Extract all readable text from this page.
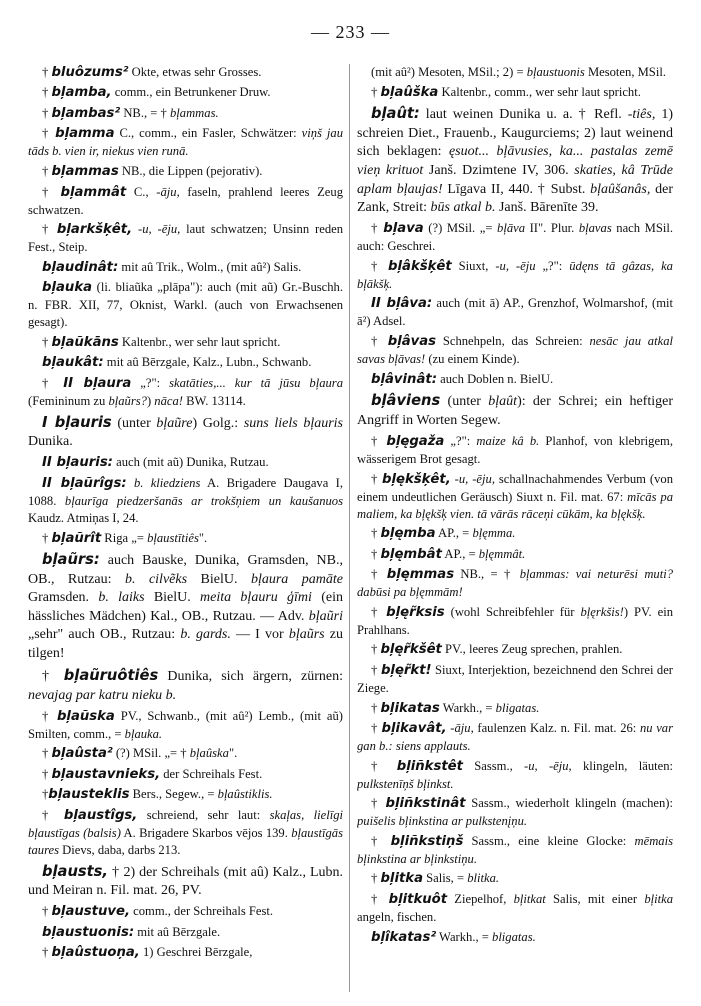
— 233 —

† bluôzums² Okte, etwas sehr Grosses.

† bļamba, comm., ein Betrunkener Druw.

† bļambas² NB., = † bļammas.

† bļamma C., comm., ein Fasler, Schwätzer: viņš jau tāds b. vien ir, niekus vien runā.

† bļammas NB., die Lippen (pejorativ).

† bļammât C., -āju, faseln, prahlend leeres Zeug schwatzen.

† bļarkšķêt, -u, -ēju, laut schwatzen; Unsinn reden Fest., Steip.

bļaudinât: mit aû Trik., Wolm., (mit aû²) Salis.

bļauka (li. bliaũka „plāpa"): auch (mit aũ) Gr.-Buschh. n. FBR. XII, 77, Oknist, Warkl. (auch von Erwachsenen gesagt).

† bļaũkāns Kaltenbr., wer sehr laut spricht.

bļaukât: mit aû Bērzgale, Kalz., Lubn., Schwanb.

† II bļaura „?": skatāties,... kur tā jūsu bļaura (Femininum zu bļaũrs?) nāca! BW. 13114.

I bļauris (unter bļaũre) Golg.: suns liels bļauris Dunika.

II bļauris: auch (mit aũ) Dunika, Rutzau.

II bļaũrîgs: b. kliedziens A. Brigadere Daugava I, 1088. bļaurīga piedzeršanās ar trokšņiem un kaušanuos Kaudz. Atmiņas I, 24.

† bļaũrît Riga „= bļaustītiês".

bļaũrs: auch Bauske, Dunika, Gramsden, NB., OB., Rutzau: b. cilvẽks BielU. bļaura pamāte Gramsden. b. laiks BielU. meita bļauru ģīmi (ein hässliches Mädchen) Kal., OB., Rutzau. — Adv. bļaũri „sehr" auch OB., Rutzau: b. gards. — I vor bļaũrs zu tilgen!

† bļaũruôtiês Dunika, sich ärgern, zürnen: nevajag par katru nieku b.

† bļaũska PV., Schwanb., (mit aû²) Lemb., (mit aũ) Smilten, comm., = bļauka.

† bļaûsta² (?) MSil. „= † bļaûska".

† bļaustavnieks, der Schreihals Fest.

†bļausteklis Bers., Segew., = bļaûstiklis.

† bļaustîgs, schreiend, sehr laut: skaļas, lielīgi bļaustīgas (balsis) A. Brigadere Skarbos vējos 139. bļaustīgās taures Dievs, daba, darbs 213.

bļausts, † 2) der Schreihals (mit aû) Kalz., Lubn. und Meiran n. Fil. mat. 26, PV.

† bļaustuve, comm., der Schreihals Fest.

bļaustuonis: mit aû Bērzgale.

† bļaûstuoņa, 1) Geschrei Bērzgale,

(mit aû²) Mesoten, MSil.; 2) = bļaustuonis Mesoten, MSil.

† bļaûška Kaltenbr., comm., wer sehr laut spricht.

bļaût: laut weinen Dunika u. a. † Refl. -tiês, 1) schreien Diet., Frauenb., Kaugurciems; 2) laut weinend sich beklagen: ęsuot... bļāvusies, ka... pastalas zemē vieņ krituot Janš. Dzimtene IV, 306. skaties, kâ Trūde aplam bļaujas! Līgava II, 440. † Subst. bļaûšanâs, der Zank, Streit: būs atkal b. Janš. Bārenīte 39.

† bļava (?) MSil. „= bļāva II". Plur. bļavas nach MSil. auch: Geschrei.

† bļâkšķêt Siuxt, -u, -ēju „?": ūdęns tā gâzas, ka bļākšķ.

II bļâva: auch (mit ā) AP., Grenzhof, Wolmarshof, (mit ā²) Adsel.

† bļâvas Schnehpeln, das Schreien: nesāc jau atkal savas bļāvas! (zu einem Kinde).

bļâvinât: auch Doblen n. BielU.

bļâviens (unter bļaût): der Schrei; ein heftiger Angriff in Worten Segew.

† bļęgaža „?": maize kâ b. Planhof, von klebrigem, wässerigem Brot gesagt.

† bļękšķêt, -u, -ēju, schallnachahmendes Verbum (von einem undeutlichen Geräusch) Siuxt n. Fil. mat. 67: mīcās pa maliem, ka bļękšķ vien. tā vārās rāceņi cūkām, ka bļękšķ.

† bļęmba AP., = bļęmma.

† bļęmbât AP., = bļęmmât.

† bļęmmas NB., = † bļammas: vai neturēsi muti? dabūsi pa bļęmmām!

† bļęr̃ksis (wohl Schreibfehler für bļęrkšis!) PV. ein Prahlhans.

† bļęr̃kšêt PV., leeres Zeug sprechen, prahlen.

† bļęr̃kt! Siuxt, Interjektion, bezeichnend den Schrei der Ziege.

† bļikatas Warkh., = bligatas.

† bļikavât, -āju, faulenzen Kalz. n. Fil. mat. 26: nu var gan b.: siens applauts.

† bļiñkstêt Sassm., -u, -ēju, klingeln, läuten: pulkstenīņš bļinkst.

† bļiñkstinât Sassm., wiederholt klingeln (machen): puišelis bļinkstina ar pulkstenįņu.

† bļiñkstiņš Sassm., eine kleine Glocke: mēmais bļinkstina ar bļinkstiņu.

† bļitka Salis, = blitka.

† bļitkuôt Ziepelhof, bļitkat Salis, mit einer bļitka angeln, fischen.

bļîkatas² Warkh., = bligatas.
